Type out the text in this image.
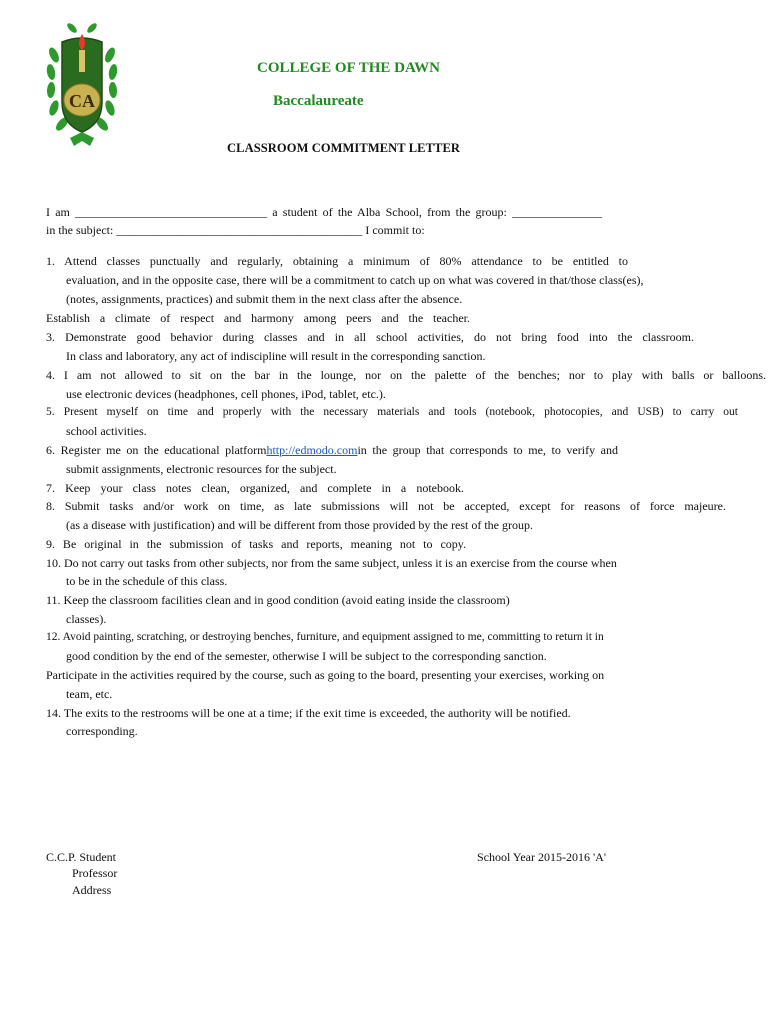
CA
COLLEGE OF THE DAWN
Baccalaureate
CLASSROOM COMMITMENT LETTER
I am ________________________________ a student of the Alba School, from the group: _______________
in the subject: _________________________________________ I commit to:
1. Attend classes punctually and regularly, obtaining a minimum of 80% attendance to be entitled to
evaluation, and in the opposite case, there will be a commitment to catch up on what was covered in that/those class(es),
(notes, assignments, practices) and submit them in the next class after the absence.
Establish a climate of respect and harmony among peers and the teacher.
3. Demonstrate good behavior during classes and in all school activities, do not bring food into the classroom.
In class and laboratory, any act of indiscipline will result in the corresponding sanction.
4. I am not allowed to sit on the bar in the lounge, nor on the palette of the benches; nor to play with balls or balloons.
use electronic devices (headphones, cell phones, iPod, tablet, etc.).
5. Present myself on time and properly with the necessary materials and tools (notebook, photocopies, and USB) to carry out
school activities.
6. Register me on the educational platformhttp://edmodo.comin the group that corresponds to me, to verify and
submit assignments, electronic resources for the subject.
7. Keep your class notes clean, organized, and complete in a notebook.
8. Submit tasks and/or work on time, as late submissions will not be accepted, except for reasons of force majeure.
(as a disease with justification) and will be different from those provided by the rest of the group.
9. Be original in the submission of tasks and reports, meaning not to copy.
10. Do not carry out tasks from other subjects, nor from the same subject, unless it is an exercise from the course when
to be in the schedule of this class.
11. Keep the classroom facilities clean and in good condition (avoid eating inside the classroom)
classes).
12. Avoid painting, scratching, or destroying benches, furniture, and equipment assigned to me, committing to return it in
good condition by the end of the semester, otherwise I will be subject to the corresponding sanction.
Participate in the activities required by the course, such as going to the board, presenting your exercises, working on
team, etc.
14. The exits to the restrooms will be one at a time; if the exit time is exceeded, the authority will be notified.
corresponding.
C.C.P. Student
Professor
Address
School Year 2015-2016 'A'
